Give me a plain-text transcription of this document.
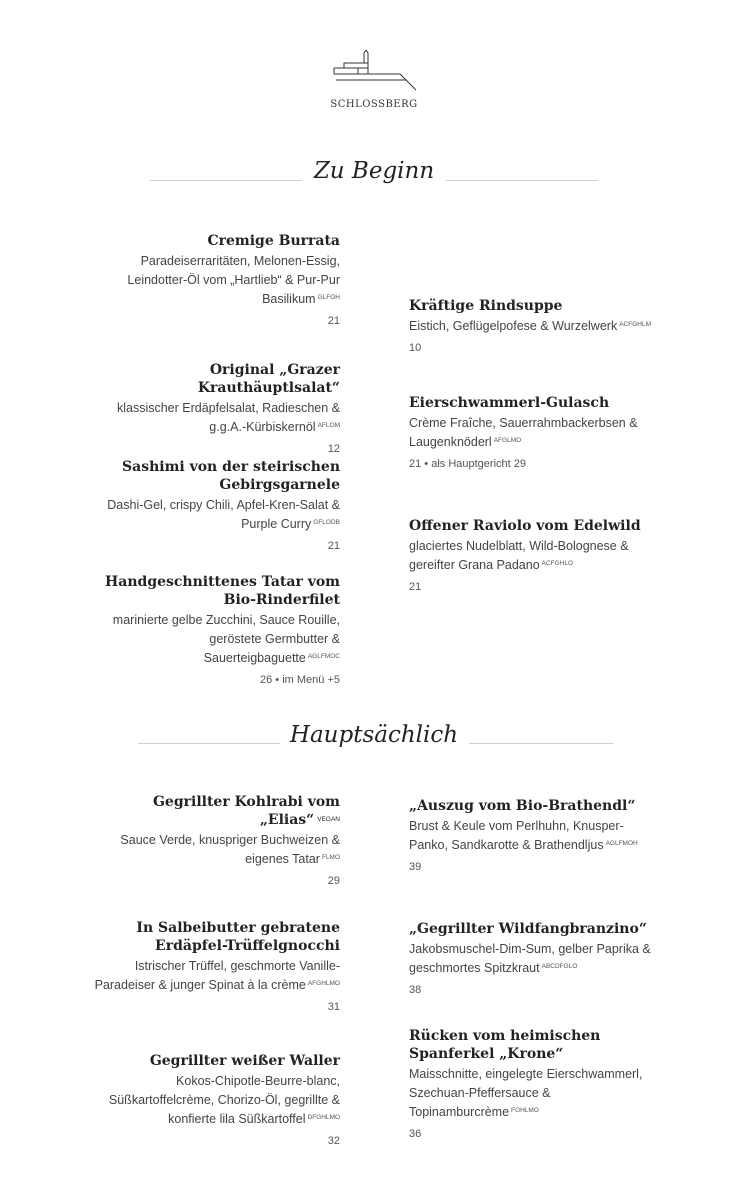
SCHLOSSBERG
Zu Beginn
Cremige Burrata
Paradeiserraritäten, Melonen-Essig, Leindotter-Öl vom „Hartlieb“ & Pur-Pur Basilikum $^{GLFOH}$
21
Original „Grazer Krauthäuptlsalat“
klassischer Erdäpfelsalat, Radieschen & g.g.A.-Kürbiskernöl $^{AFLOM}$
12
Sashimi von der steirischen Gebirgsgarnele
Dashi-Gel, crispy Chili, Apfel-Kren-Salat & Purple Curry $^{GFLODB}$
21
Handgeschnittenes Tatar vom Bio-Rinderfilet
marinierte gelbe Zucchini, Sauce Rouille, geröstete Germbutter & Sauerteigbaguette $^{AGLFMOC}$
26 • im Menü +5
Kräftige Rindsuppe
Eistich, Geflügelpofese & Wurzelwerk $^{ACFGHLM}$
10
Eierschwammerl-Gulasch
Crème Fraîche, Sauerrahmbackerbsen & Laugenknöderl $^{AFGLMO}$
21 • als Hauptgericht 29
Offener Raviolo vom Edelwild
glaciertes Nudelblatt, Wild-Bolognese & gereifter Grana Padano $^{ACFGHLO}$
21
Hauptsächlich
Gegrillter Kohlrabi vom „Elias“ $^{VEGAN}$
Sauce Verde, knuspriger Buchweizen & eigenes Tatar $^{FLMO}$
29
In Salbeibutter gebratene Erdäpfel-Trüffelgnocchi
Istrischer Trüffel, geschmorte Vanille-Paradeiser & junger Spinat à la crème $^{AFGHLMO}$
31
Gegrillter weißer Waller
Kokos-Chipotle-Beurre-blanc, Süßkartoffelcrème, Chorizo-Öl, gegrillte & konfierte lila Süßkartoffel $^{DFGHLMO}$
32
„Auszug vom Bio-Brathendl“
Brust & Keule vom Perlhuhn, Knusper-Panko, Sandkarotte & Brathendljus $^{AGLFMOH}$
39
„Gegrillter Wildfangbranzino“
Jakobsmuschel-Dim-Sum, gelber Paprika & geschmortes Spitzkraut $^{ABCDFGLO}$
38
Rücken vom heimischen Spanferkel „Krone“
Maisschnitte, eingelegte Eierschwammerl, Szechuan-Pfeffersauce & Topinamburcrème $^{FGHLMO}$
36
